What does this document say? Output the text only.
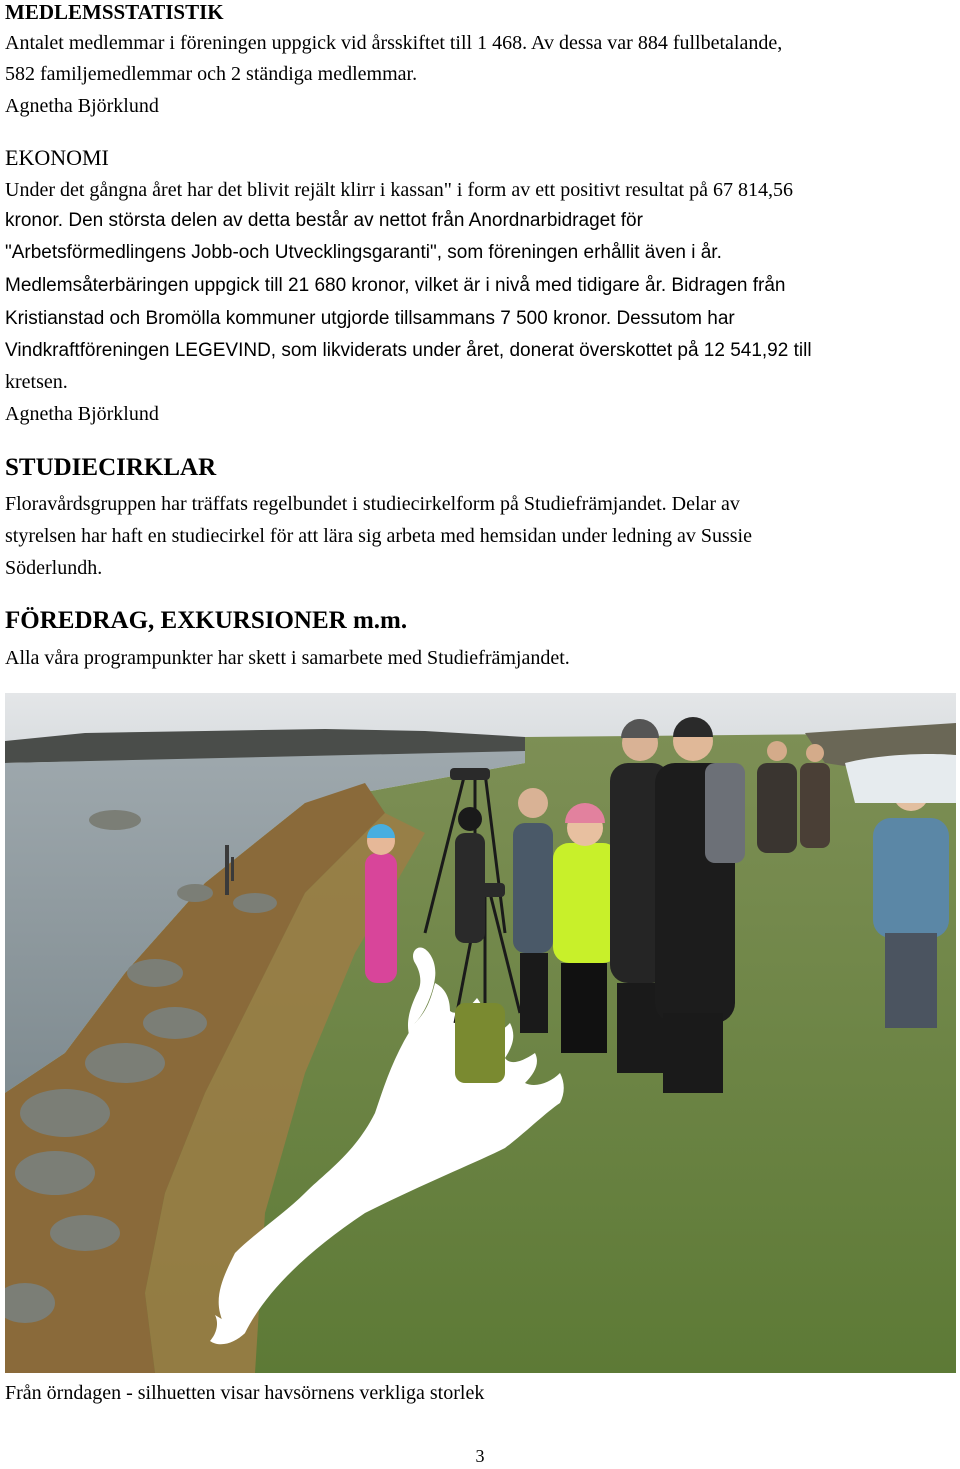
MEDLEMSSTATISTIK
Antalet medlemmar i föreningen uppgick vid årsskiftet till 1 468. Av dessa var 884 fullbetalande,
582 familjemedlemmar och 2 ständiga medlemmar.
Agnetha Björklund
EKONOMI
Under det gångna året har det blivit rejält klirr i kassan" i form av ett positivt resultat på 67 814,56
kronor. Den största delen av detta består av nettot från Anordnarbidraget för
"Arbetsförmedlingens Jobb-och Utvecklingsgaranti", som föreningen erhållit även i år.
Medlemsåterbäringen uppgick till 21 680 kronor, vilket är i nivå med tidigare år. Bidragen från
Kristianstad och Bromölla kommuner utgjorde tillsammans 7 500 kronor. Dessutom har
Vindkraftföreningen LEGEVIND, som likviderats under året, donerat överskottet på 12 541,92 till
kretsen.
Agnetha Björklund
STUDIECIRKLAR
Floravårdsgruppen har träffats regelbundet i studiecirkelform på Studiefrämjandet. Delar av
styrelsen har haft en studiecirkel för att lära sig arbeta med hemsidan under ledning av Sussie
Söderlundh.
FÖREDRAG, EXKURSIONER m.m.
Alla våra programpunkter har skett i samarbete med Studiefrämjandet.
Från örndagen - silhuetten visar havsörnens verkliga storlek
3
